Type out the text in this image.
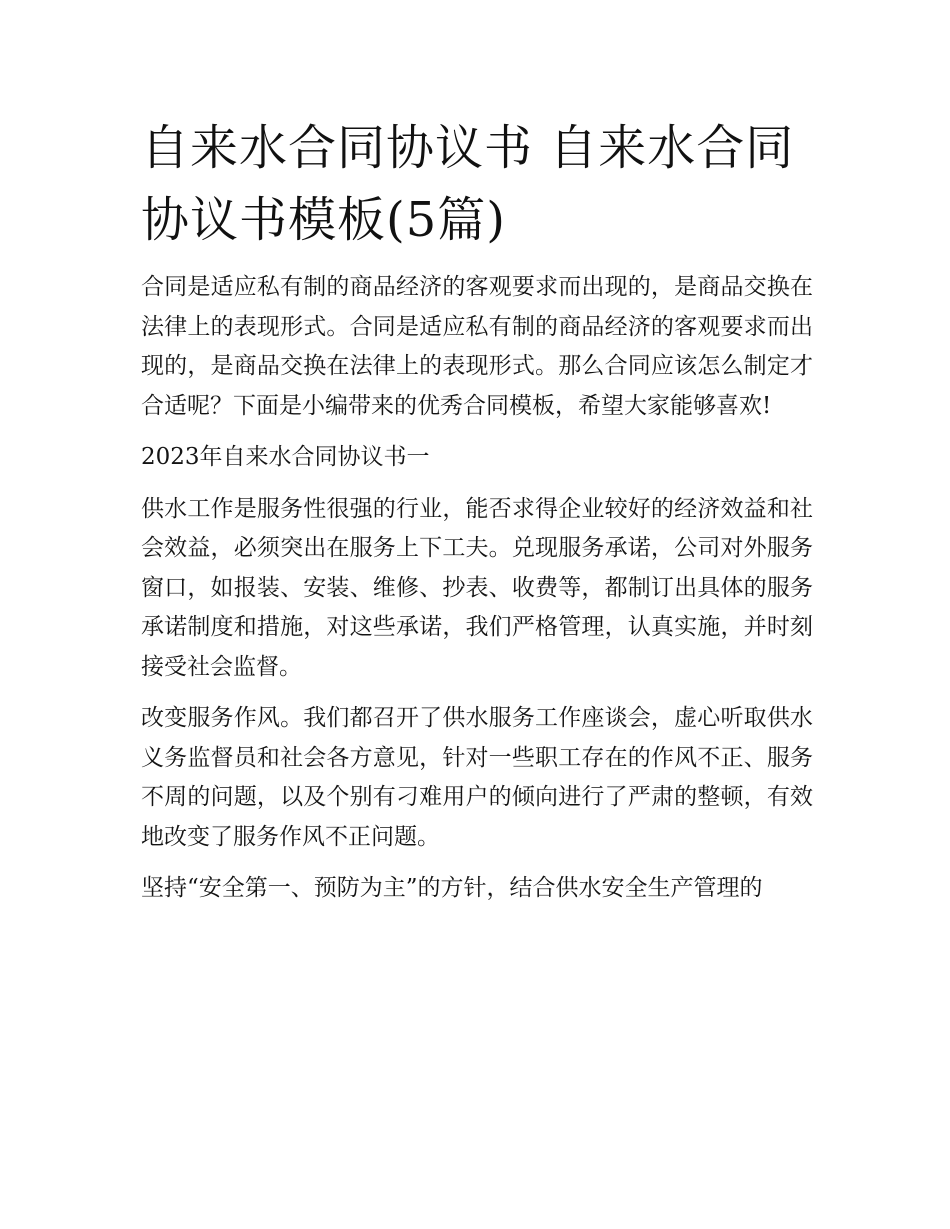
自来水合同协议书 自来水合同协议书模板(5篇)

合同是适应私有制的商品经济的客观要求而出现的，是商品交换在法律上的表现形式。合同是适应私有制的商品经济的客观要求而出现的，是商品交换在法律上的表现形式。那么合同应该怎么制定才合适呢？下面是小编带来的优秀合同模板，希望大家能够喜欢!

2023年自来水合同协议书一

供水工作是服务性很强的行业，能否求得企业较好的经济效益和社会效益，必须突出在服务上下工夫。兑现服务承诺，公司对外服务窗口，如报装、安装、维修、抄表、收费等，都制订出具体的服务承诺制度和措施，对这些承诺，我们严格管理，认真实施，并时刻接受社会监督。

改变服务作风。我们都召开了供水服务工作座谈会，虚心听取供水义务监督员和社会各方意见，针对一些职工存在的作风不正、服务不周的问题，以及个别有刁难用户的倾向进行了严肃的整顿，有效地改变了服务作风不正问题。

坚持“安全第一、预防为主”的方针，结合供水安全生产管理的
